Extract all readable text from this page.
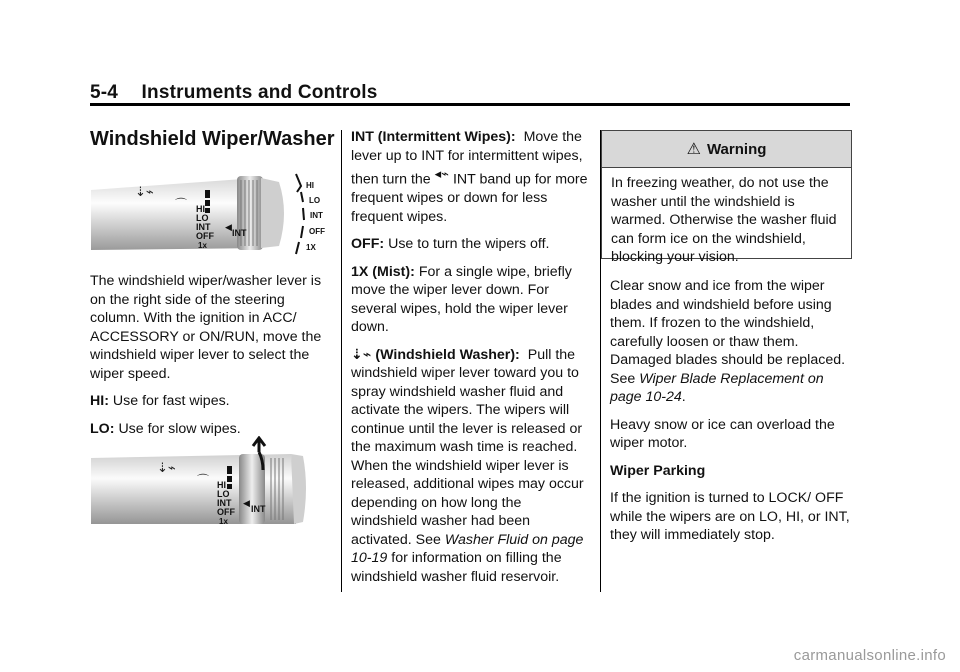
5-4 Instruments and Controls
Windshield Wiper/Washer
⇣⌁
⌒ HI
LO
INT
OFF
1x
◀
INT
HI
LO
INT
OFF
1X

The windshield wiper/washer lever is on the right side of the steering column. With the ignition in ACC/ ACCESSORY or ON/RUN, move the windshield wiper lever to select the wiper speed.

HI: Use for fast wipes.

LO: Use for slow wipes.

⇣⌁
⌒ HI
LO
INT
OFF
1x
◀
INT

INT (Intermittent Wipes): Move the lever up to INT for intermittent wipes, then turn the ◂⌁ INT band up for more frequent wipes or down for less frequent wipes.

OFF: Use to turn the wipers off.

1X (Mist): For a single wipe, briefly move the wiper lever down. For several wipes, hold the wiper lever down.

⇣⌁ (Windshield Washer): Pull the windshield wiper lever toward you to spray windshield washer fluid and activate the wipers. The wipers will continue until the lever is released or the maximum wash time is reached. When the windshield wiper lever is released, additional wipes may occur depending on how long the windshield washer had been activated. See Washer Fluid on page 10-19 for information on filling the windshield washer fluid reservoir.

⚠ Warning
In freezing weather, do not use the washer until the windshield is warmed. Otherwise the washer fluid can form ice on the windshield, blocking your vision.

Clear snow and ice from the wiper blades and windshield before using them. If frozen to the windshield, carefully loosen or thaw them. Damaged blades should be replaced. See Wiper Blade Replacement on page 10-24.

Heavy snow or ice can overload the wiper motor.

Wiper Parking

If the ignition is turned to LOCK/ OFF while the wipers are on LO, HI, or INT, they will immediately stop.

carmanualsonline.info
